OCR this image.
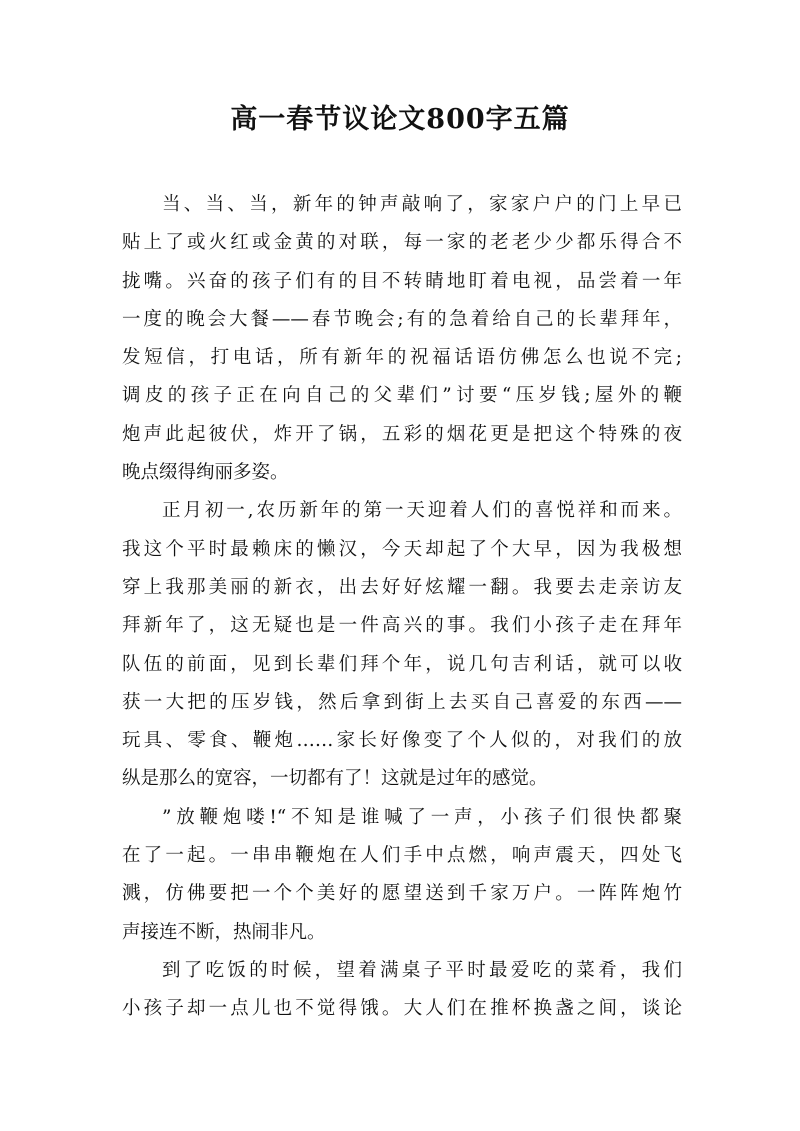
高一春节议论文800字五篇
当、当、当，新年的钟声敲响了，家家户户的门上早已
贴上了或火红或金黄的对联，每一家的老老少少都乐得合不
拢嘴。兴奋的孩子们有的目不转睛地盯着电视，品尝着一年
一度的晚会大餐——春节晚会;有的急着给自己的长辈拜年，
发短信，打电话，所有新年的祝福话语仿佛怎么也说不完;
调皮的孩子正在向自己的父辈们”讨要“压岁钱;屋外的鞭
炮声此起彼伏，炸开了锅，五彩的烟花更是把这个特殊的夜
晚点缀得绚丽多姿。
正月初一,农历新年的第一天迎着人们的喜悦祥和而来。
我这个平时最赖床的懒汉，今天却起了个大早，因为我极想
穿上我那美丽的新衣，出去好好炫耀一翻。我要去走亲访友
拜新年了，这无疑也是一件高兴的事。我们小孩子走在拜年
队伍的前面，见到长辈们拜个年，说几句吉利话，就可以收
获一大把的压岁钱，然后拿到街上去买自己喜爱的东西——
玩具、零食、鞭炮……家长好像变了个人似的，对我们的放
纵是那么的宽容，一切都有了！这就是过年的感觉。
”放鞭炮喽!“不知是谁喊了一声，小孩子们很快都聚
在了一起。一串串鞭炮在人们手中点燃，响声震天，四处飞
溅，仿佛要把一个个美好的愿望送到千家万户。一阵阵炮竹
声接连不断，热闹非凡。
到了吃饭的时候，望着满桌子平时最爱吃的菜肴，我们
小孩子却一点儿也不觉得饿。大人们在推杯换盏之间，谈论
